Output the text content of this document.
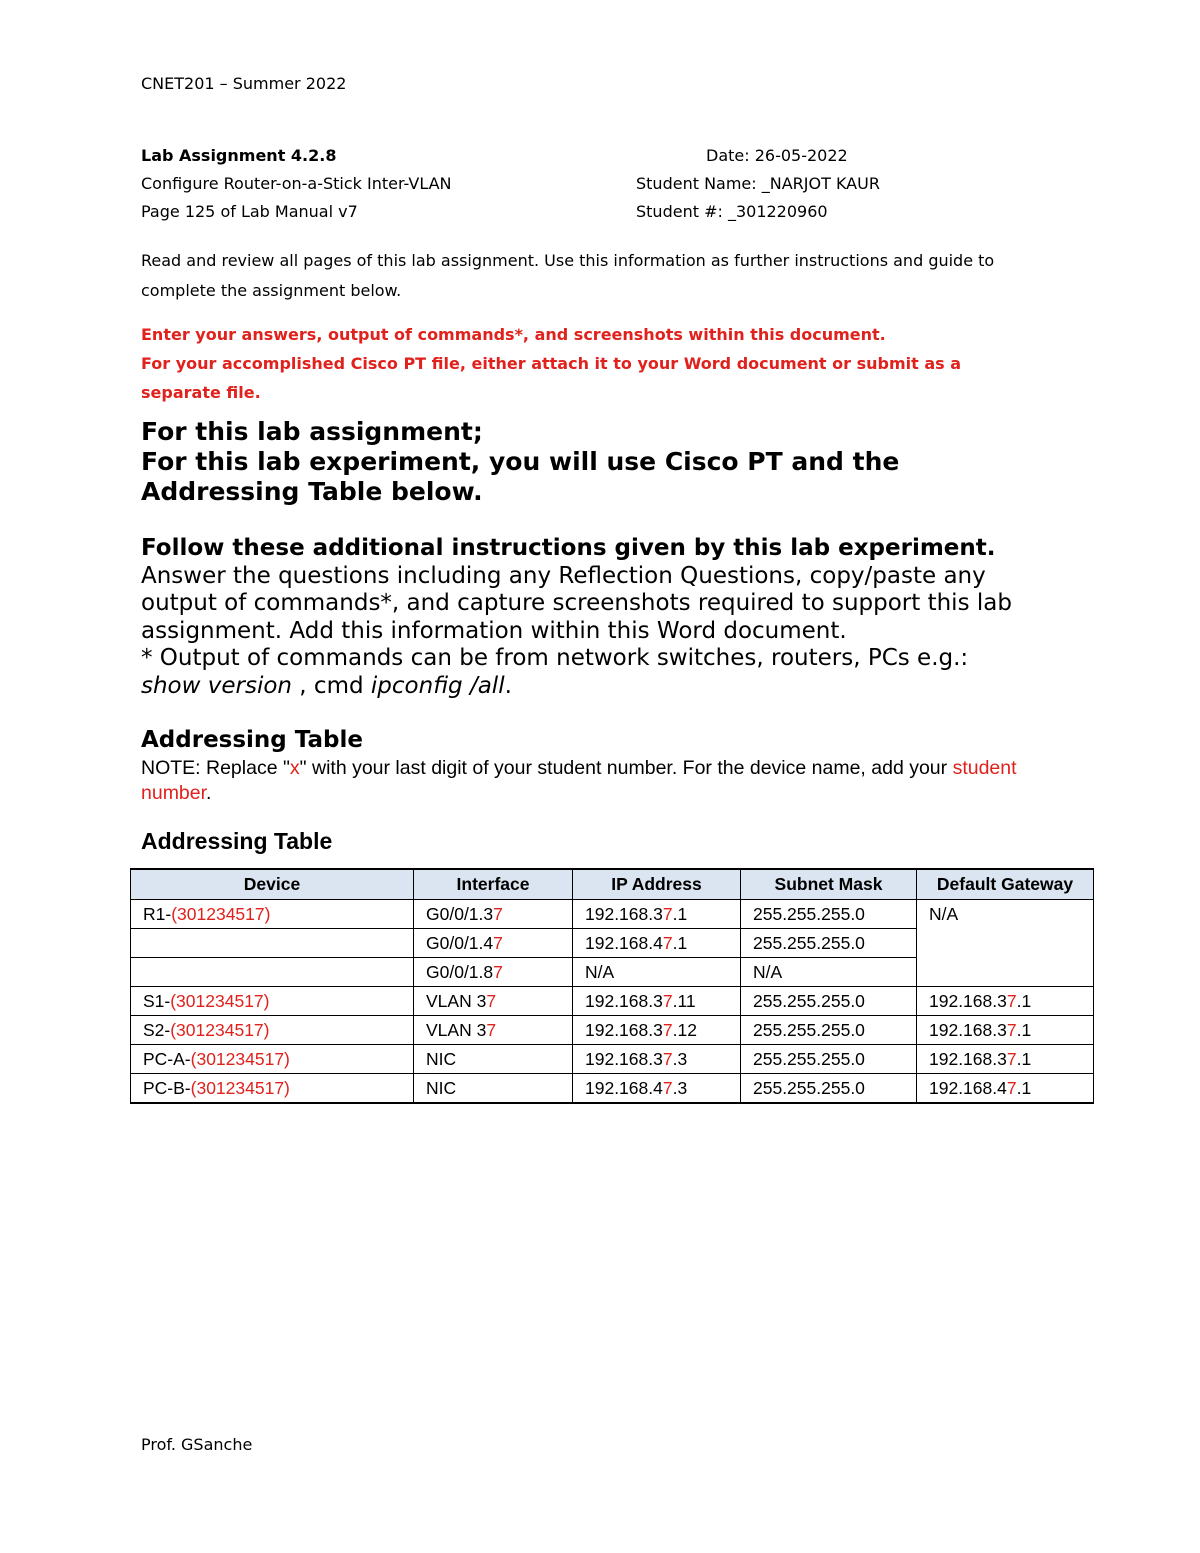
CNET201 – Summer 2022
Lab Assignment 4.2.8
Configure Router-on-a-Stick Inter-VLAN
Page 125 of Lab Manual v7
Date: 26-05-2022
Student Name: _NARJOT KAUR
Student #: _301220960
Read and review all pages of this lab assignment. Use this information as further instructions and guide to complete the assignment below.
Enter your answers, output of commands*, and screenshots within this document.
For your accomplished Cisco PT file, either attach it to your Word document or submit as a separate file.
For this lab assignment;
For this lab experiment, you will use Cisco PT and the Addressing Table below.
Follow these additional instructions given by this lab experiment.
Answer the questions including any Reflection Questions, copy/paste any output of commands*, and capture screenshots required to support this lab assignment. Add this information within this Word document.
* Output of commands can be from network switches, routers, PCs e.g.:
show version , cmd ipconfig /all.
Addressing Table
NOTE: Replace "x" with your last digit of your student number. For the device name, add your student number.
Addressing Table
Device	Interface	IP Address	Subnet Mask	Default Gateway
R1-(301234517)	G0/0/1.37	192.168.37.1	255.255.255.0	N/A
	G0/0/1.47	192.168.47.1	255.255.255.0	
	G0/0/1.87	N/A	N/A	
S1-(301234517)	VLAN 37	192.168.37.11	255.255.255.0	192.168.37.1
S2-(301234517)	VLAN 37	192.168.37.12	255.255.255.0	192.168.37.1
PC-A-(301234517)	NIC	192.168.37.3	255.255.255.0	192.168.37.1
PC-B-(301234517)	NIC	192.168.47.3	255.255.255.0	192.168.47.1
Prof. GSanche
